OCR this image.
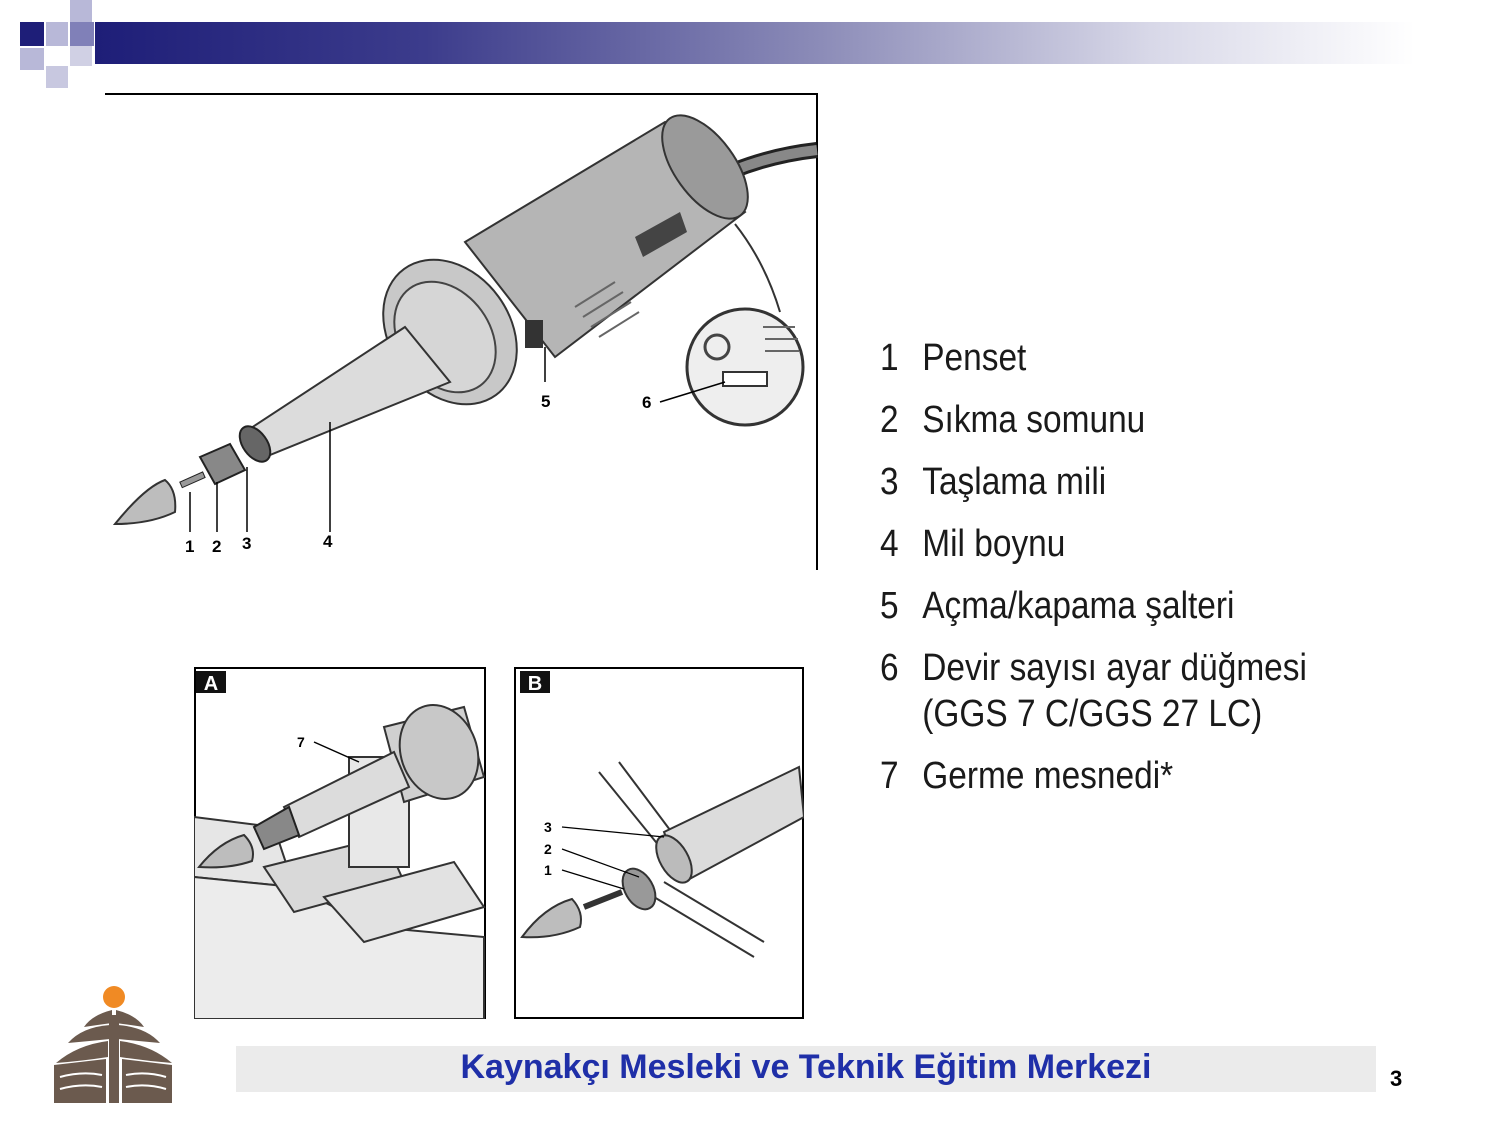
1 2 3	4
5	6
A
7
B
3
2
1
1 Penset
2 Sıkma somunu
3 Taşlama mili
4 Mil boynu
5 Açma/kapama şalteri
6 Devir sayısı ayar düğmesi
(GGS 7 C/GGS 27 LC)
7 Germe mesnedi*

Kaynakçı Mesleki ve Teknik Eğitim Merkezi	3
